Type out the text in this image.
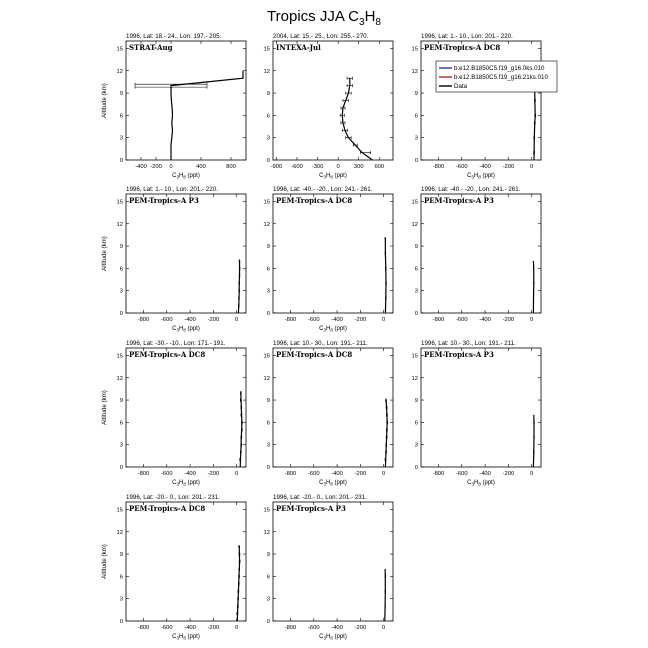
Tropics JJA $C_3H_8$
1996, Lat: 18.- 24., Lon: 197.- 205.
STRAT-Aug
0
3
6
9
12
15
-400 -200 0	400	800
$C_3H_8$ (ppt)
Altitude (km)
2004, Lat: 15.- 25., Lon: 255.- 270.
INTEXA-Jul
0
3
6
9
12
15
-900 -600 -300 0 300 600
$C_3H_8$ (ppt)
1996, Lat: 1.- 10., Lon: 201.- 220.
PEM-Tropics-A DC8
0
3
6
9
12
15
-800 -600 -400 -200	0
$C_3H_8$ (ppt)
1996, Lat: 1.- 10., Lon: 201.- 220.
PEM-Tropics-A P3
0
3
6
9
12
15
-800 -600 -400 -200	0
$C_3H_8$ (ppt)
Altitude (km)
1996, Lat: -40.- -20., Lon: 241.- 261.
PEM-Tropics-A DC8
0
3
6
9
12
15
-800 -600 -400 -200	0
$C_3H_8$ (ppt)
1996, Lat: -40.- -20., Lon: 241.- 261.
PEM-Tropics-A P3
0
3
6
9
12
15
-800 -600 -400 -200	0
1996, Lat: -30.- -10., Lon: 171.- 191.
PEM-Tropics-A DC8
0
3
6
9
12
15
-800 -600 -400 -200	0
$C_3H_8$ (ppt)
Altitude (km)
1996, Lat: 10.- 30., Lon: 191.- 211.
PEM-Tropics-A DC8
0
3
6
9
12
15
-800 -600 -400 -200	0
$C_3H_8$ (ppt)
1996, Lat: 10.- 30., Lon: 191.- 211.
PEM-Tropics-A P3
0
3
6
9
12
15
-800 -600 -400 -200	0
$C_3H_8$ (ppt)
1996, Lat: -20.- 0., Lon: 201.- 231.
PEM-Tropics-A DC8
0
3
6
9
12
15
-800 -600 -400 -200	0
$C_3H_8$ (ppt)
Altitude (km)
1996, Lat: -20.- 0., Lon: 201.- 231.
PEM-Tropics-A P3
0
3
6
9
12
15
-800 -600 -400 -200	0
$C_3H_8$ (ppt)
b.e12.B1850C5.f19_g16.0ks.010
b.e12.B1850C5.f19_g16.21ks.010
Data
